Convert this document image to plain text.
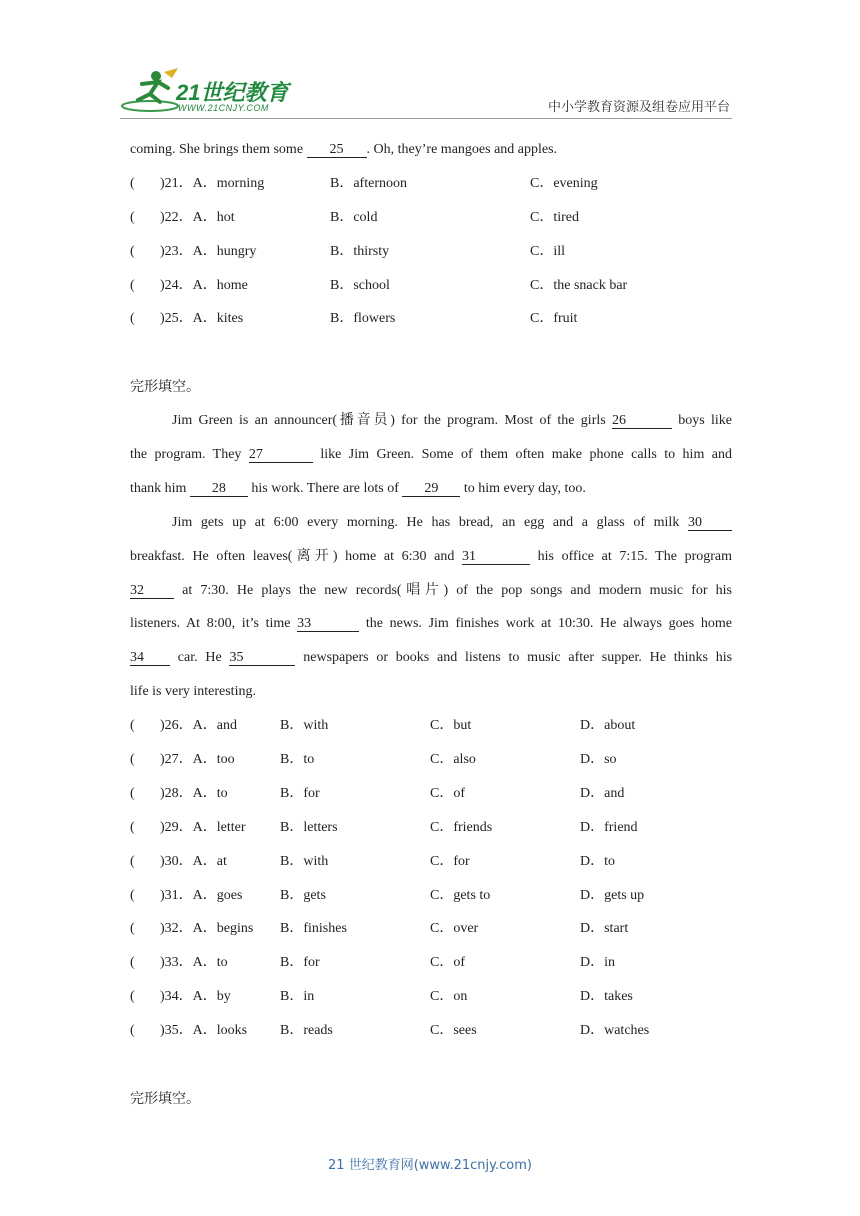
21世纪教育
WWW.21CNJY.COM	中小学教育资源及组卷应用平台
coming. She brings them some 25 . Oh, they’re mangoes and apples.
( )21．A．morning	B．afternoon	C．evening
( )22．A．hot	B．cold	C．tired
( )23．A．hungry	B．thirsty	C．ill
( )24．A．home	B．school	C．the snack bar
( )25．A．kites	B．flowers	C．fruit
完形填空。
Jim Green is an announcer(播音员) for the program. Most of the girls 26	boys like
the program. They 27	like Jim Green. Some of them often make phone calls to him and
thank him 28 his work. There are lots of 29 to him every day, too.
Jim gets up at 6:00 every morning. He has bread, an egg and a glass of milk 30
breakfast. He often leaves(离开) home at 6:30 and 31	his office at 7:15. The program
32	at 7:30. He plays the new records(唱片) of the pop songs and modern music for his
listeners. At 8:00, it’s time 33	the news. Jim finishes work at 10:30. He always goes home
34 car. He 35	newspapers or books and listens to music after supper. He thinks his
life is very interesting.
( )26．A．and	B．with	C．but	D．about
( )27．A．too	B．to	C．also	D．so
( )28．A．to	B．for	C．of	D．and
( )29．A．letter B．letters	C．friends	D．friend
( )30．A．at	B．with	C．for	D．to
( )31．A．goes	B．gets	C．gets to	D．gets up
( )32．A．begins B．finishes	C．over	D．start
( )33．A．to	B．for	C．of	D．in
( )34．A．by	B．in	C．on	D．takes
( )35．A．looks B．reads	C．sees	D．watches
完形填空。
21 世纪教育网(www.21cnjy.com)
